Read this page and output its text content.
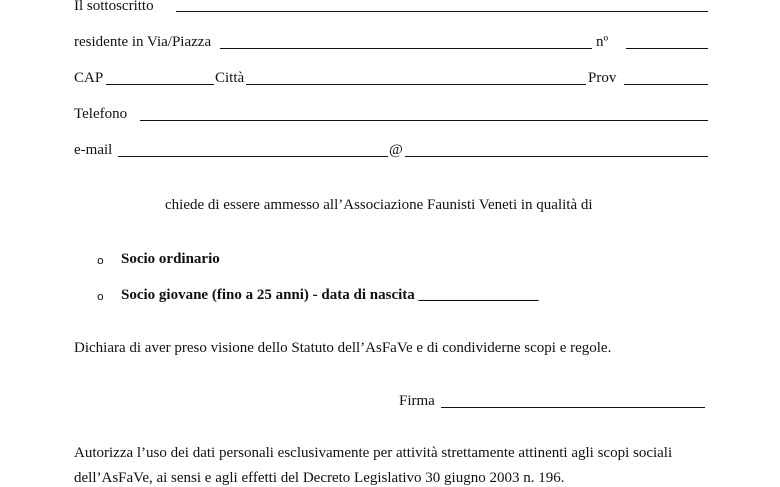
Il sottoscritto
residente in Via/Piazza	nº
CAP	Città	Prov
Telefono
e-mail	@
chiede di essere ammesso all’Associazione Faunisti Veneti in qualità di
o Socio ordinario
o Socio giovane (fino a 25 anni) - data di nascita ________________
Dichiara di aver preso visione dello Statuto dell’AsFaVe e di condividerne scopi e regole.
Firma
Autorizza l’uso dei dati personali esclusivamente per attività strettamente attinenti agli scopi sociali
dell’AsFaVe, ai sensi e agli effetti del Decreto Legislativo 30 giugno 2003 n. 196.
